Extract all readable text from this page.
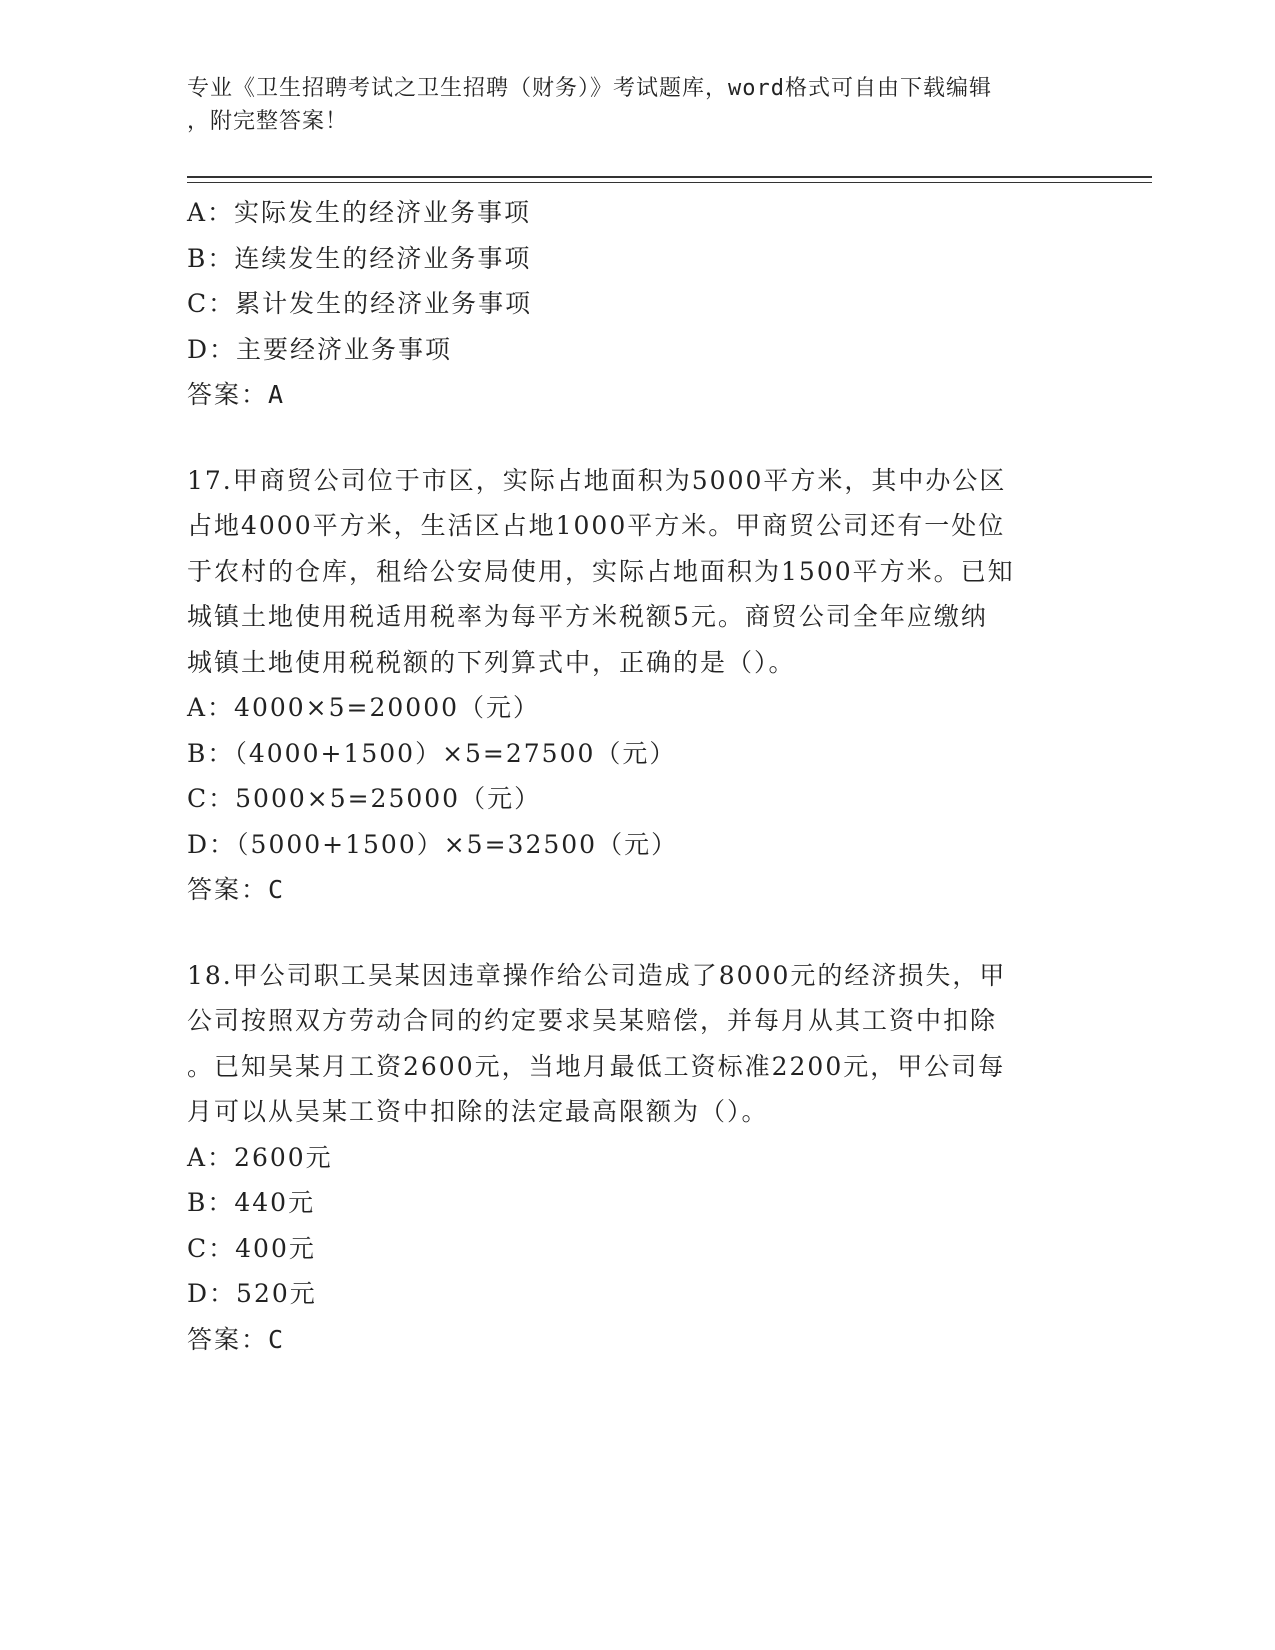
专业《卫生招聘考试之卫生招聘（财务）》考试题库，word格式可自由下载编辑
，附完整答案！
A：实际发生的经济业务事项
B：连续发生的经济业务事项
C：累计发生的经济业务事项
D：主要经济业务事项
答案：A
17.甲商贸公司位于市区，实际占地面积为5000平方米，其中办公区
占地4000平方米，生活区占地1000平方米。甲商贸公司还有一处位
于农村的仓库，租给公安局使用，实际占地面积为1500平方米。已知
城镇土地使用税适用税率为每平方米税额5元。商贸公司全年应缴纳
城镇土地使用税税额的下列算式中，正确的是（）。
A：4000×5=20000（元）
B：（4000+1500）×5=27500（元）
C：5000×5=25000（元）
D：（5000+1500）×5=32500（元）
答案：C
18.甲公司职工吴某因违章操作给公司造成了8000元的经济损失，甲
公司按照双方劳动合同的约定要求吴某赔偿，并每月从其工资中扣除
。已知吴某月工资2600元，当地月最低工资标准2200元，甲公司每
月可以从吴某工资中扣除的法定最高限额为（）。
A：2600元
B：440元
C：400元
D：520元
答案：C
